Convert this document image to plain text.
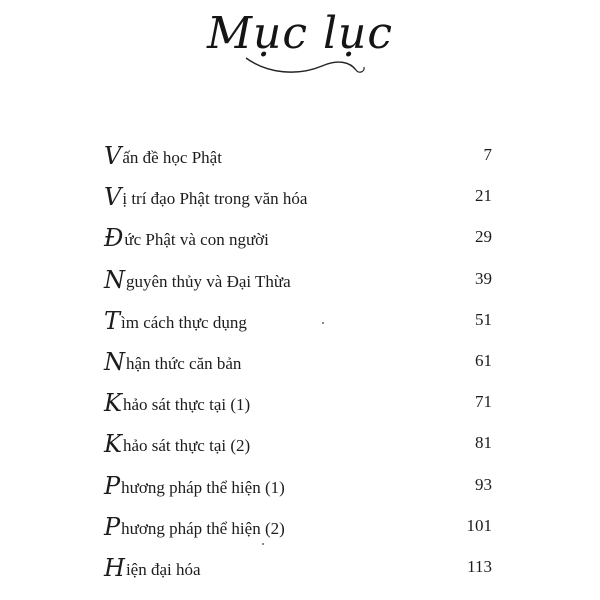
Mục lục
Vấn đề học Phật	7
Vị trí đạo Phật trong văn hóa	21
Đức Phật và con người	29
Nguyên thủy và Đại Thừa	39
Tìm cách thực dụng	51
Nhận thức căn bản	61
Khảo sát thực tại (1)	71
Khảo sát thực tại (2)	81
Phương pháp thể hiện (1)	93
Phương pháp thể hiện (2)	101
Hiện đại hóa	113
